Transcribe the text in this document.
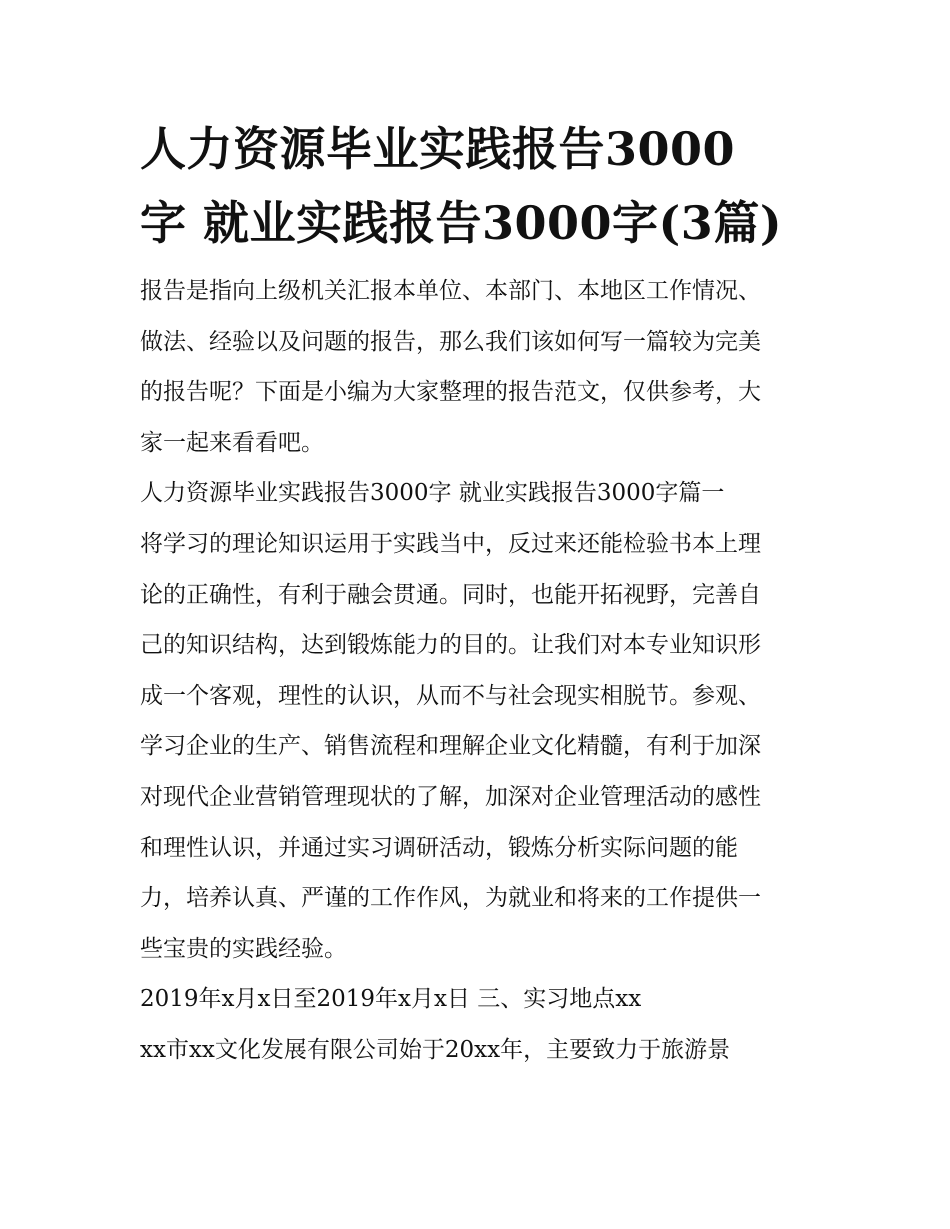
人力资源毕业实践报告3000
字 就业实践报告3000字(3篇)

报告是指向上级机关汇报本单位、本部门、本地区工作情况、
做法、经验以及问题的报告，那么我们该如何写一篇较为完美
的报告呢？下面是小编为大家整理的报告范文，仅供参考，大
家一起来看看吧。

人力资源毕业实践报告3000字 就业实践报告3000字篇一

将学习的理论知识运用于实践当中，反过来还能检验书本上理
论的正确性，有利于融会贯通。同时，也能开拓视野，完善自
己的知识结构，达到锻炼能力的目的。让我们对本专业知识形
成一个客观，理性的认识，从而不与社会现实相脱节。参观、
学习企业的生产、销售流程和理解企业文化精髓，有利于加深
对现代企业营销管理现状的了解，加深对企业管理活动的感性
和理性认识，并通过实习调研活动，锻炼分析实际问题的能
力，培养认真、严谨的工作作风，为就业和将来的工作提供一
些宝贵的实践经验。

2019年x月x日至2019年x月x日 三、实习地点xx

xx市xx文化发展有限公司始于20xx年，主要致力于旅游景
